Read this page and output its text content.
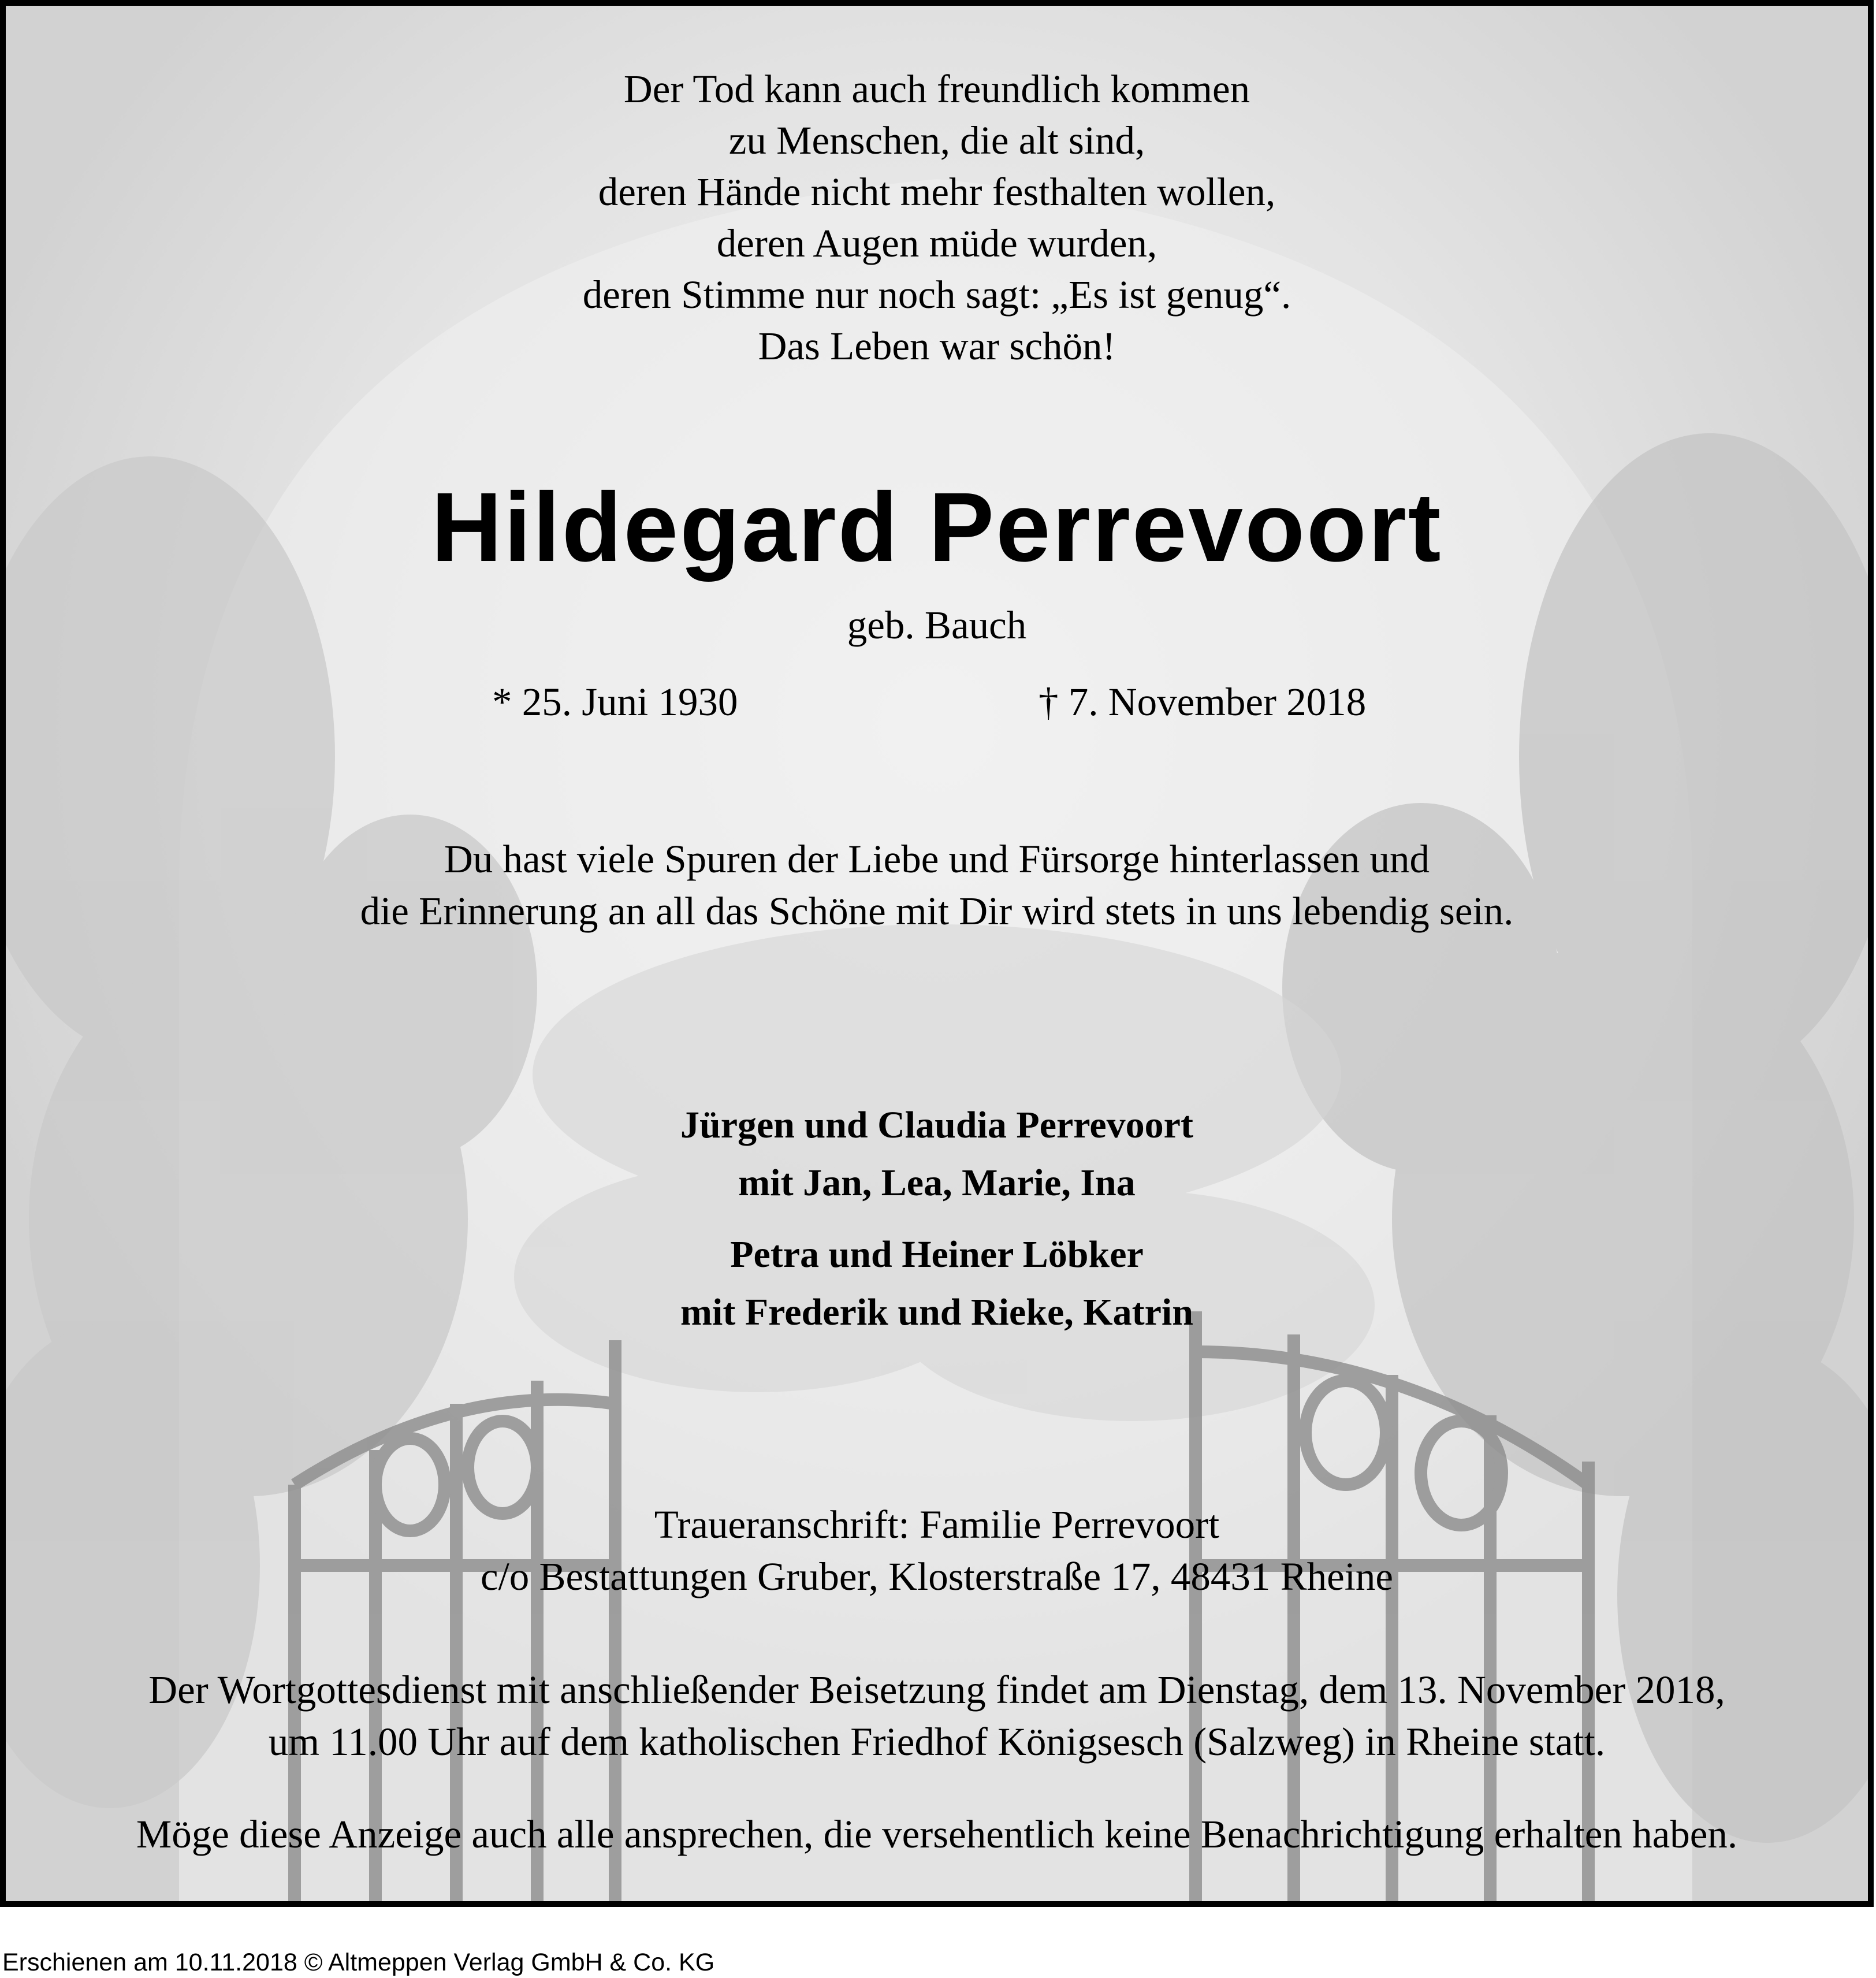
Der Tod kann auch freundlich kommen
zu Menschen, die alt sind,
deren Hände nicht mehr festhalten wollen,
deren Augen müde wurden,
deren Stimme nur noch sagt: „Es ist genug“.
Das Leben war schön!
Hildegard Perrevoort
geb. Bauch
* 25. Juni 1930	† 7. November 2018
Du hast viele Spuren der Liebe und Fürsorge hinterlassen und
die Erinnerung an all das Schöne mit Dir wird stets in uns lebendig sein.
Jürgen und Claudia Perrevoort
mit Jan, Lea, Marie, Ina
Petra und Heiner Löbker
mit Frederik und Rieke, Katrin
Traueranschrift: Familie Perrevoort
c/o Bestattungen Gruber, Klosterstraße 17, 48431 Rheine
Der Wortgottesdienst mit anschließender Beisetzung findet am Dienstag, dem 13. November 2018,
um 11.00 Uhr auf dem katholischen Friedhof Königsesch (Salzweg) in Rheine statt.
Möge diese Anzeige auch alle ansprechen, die versehentlich keine Benachrichtigung erhalten haben.
Erschienen am 10.11.2018 © Altmeppen Verlag GmbH & Co. KG
